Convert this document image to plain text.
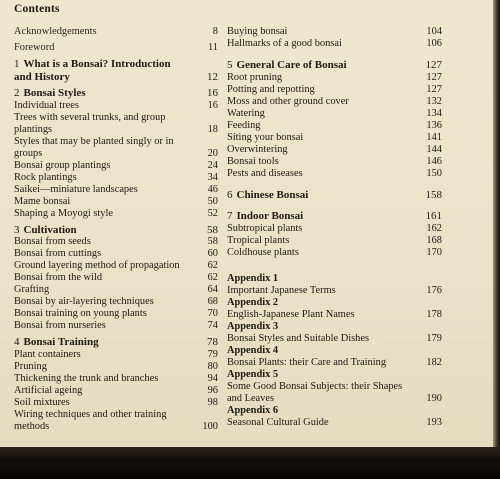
Contents
Acknowledgements	8
Foreword	11
1 What is a Bonsai? Introduction and History	12
2 Bonsai Styles	16
Individual trees	16
Trees with several trunks, and group plantings	18
Styles that may be planted singly or in groups	20
Bonsai group plantings	24
Rock plantings	34
Saikei—miniature landscapes	46
Mame bonsai	50
Shaping a Moyogi style	52
3 Cultivation	58
Bonsai from seeds	58
Bonsai from cuttings	60
Ground layering method of propagation	62
Bonsai from the wild	62
Grafting	64
Bonsai by air-layering techniques	68
Bonsai training on young plants	70
Bonsai from nurseries	74
4 Bonsai Training	78
Plant containers	79
Pruning	80
Thickening the trunk and branches	94
Artificial ageing	96
Soil mixtures	98
Wiring techniques and other training methods	100
Buying bonsai	104
Hallmarks of a good bonsai	106
5 General Care of Bonsai	127
Root pruning	127
Potting and repotting	127
Moss and other ground cover	132
Watering	134
Feeding	136
Siting your bonsai	141
Overwintering	144
Bonsai tools	146
Pests and diseases	150
6 Chinese Bonsai	158
7 Indoor Bonsai	161
Subtropical plants	162
Tropical plants	168
Coldhouse plants	170
Appendix 1
Important Japanese Terms	176
Appendix 2
English-Japanese Plant Names	178
Appendix 3
Bonsai Styles and Suitable Dishes	179
Appendix 4
Bonsai Plants: their Care and Training	182
Appendix 5
Some Good Bonsai Subjects: their Shapes and Leaves	190
Appendix 6
Seasonal Cultural Guide	193
